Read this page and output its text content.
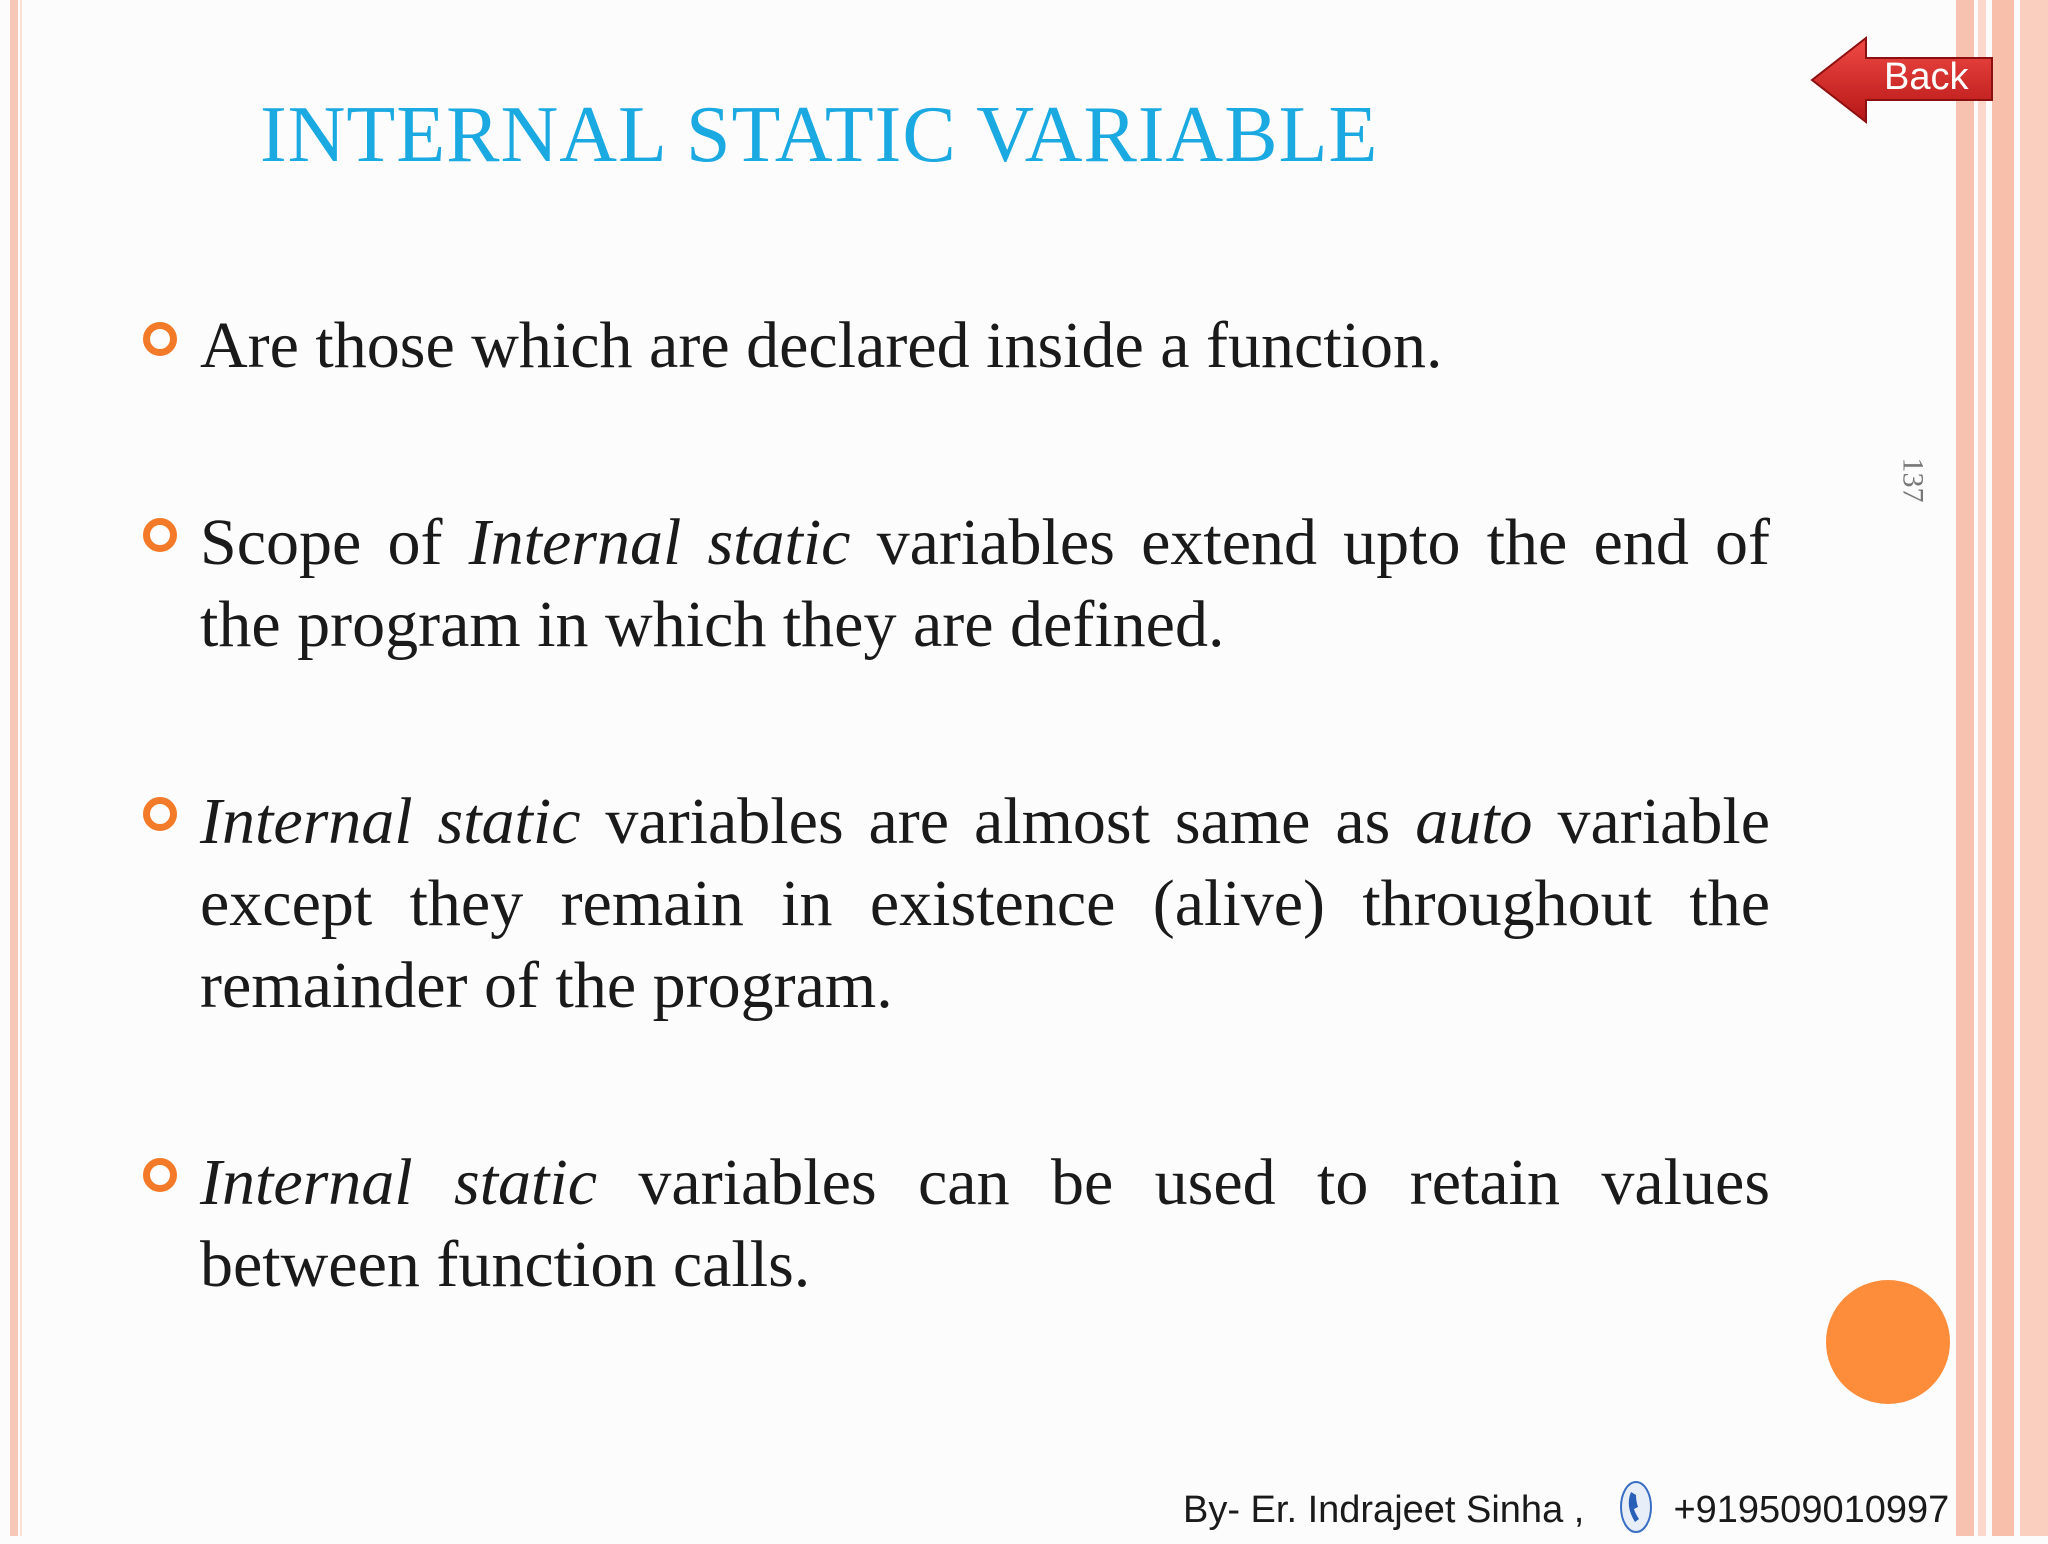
INTERNAL STATIC VARIABLE
Back
137

Are those which are declared inside a function.

Scope of Internal static variables extend upto the end of the program in which they are defined.

Internal static variables are almost same as auto variable except they remain in existence (alive) throughout the remainder of the program.

Internal static variables can be used to retain values between function calls.

By- Er. Indrajeet Sinha , +919509010997
